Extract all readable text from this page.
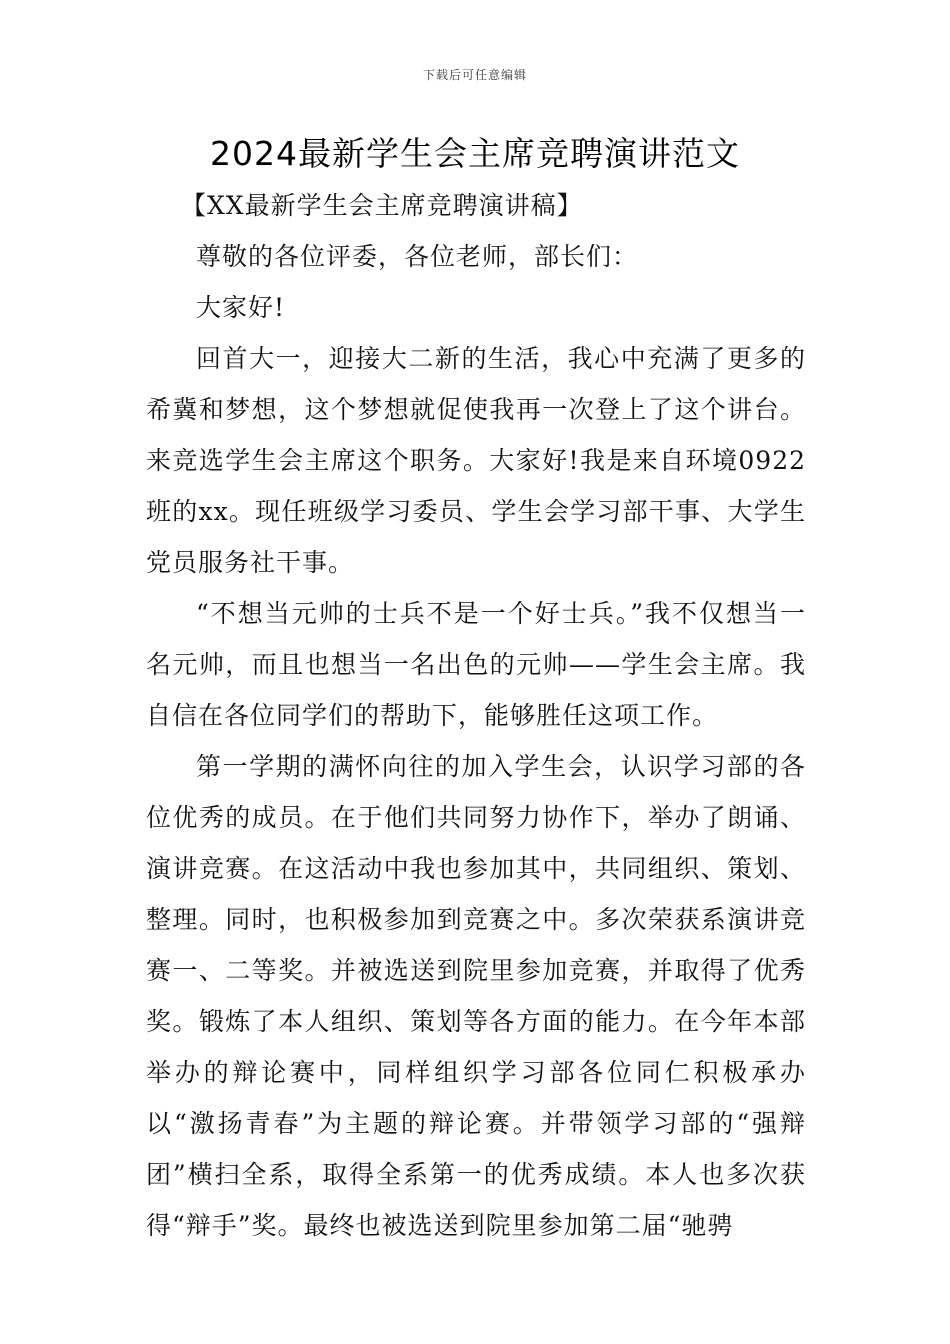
下载后可任意编辑
2024最新学生会主席竞聘演讲范文

【XX最新学生会主席竞聘演讲稿】

尊敬的各位评委，各位老师，部长们：

大家好!

回首大一，迎接大二新的生活，我心中充满了更多的希冀和梦想，这个梦想就促使我再一次登上了这个讲台。来竞选学生会主席这个职务。大家好!我是来自环境0922班的xx。现任班级学习委员、学生会学习部干事、大学生党员服务社干事。

“不想当元帅的士兵不是一个好士兵。”我不仅想当一名元帅，而且也想当一名出色的元帅——学生会主席。我自信在各位同学们的帮助下，能够胜任这项工作。

第一学期的满怀向往的加入学生会，认识学习部的各位优秀的成员。在于他们共同努力协作下，举办了朗诵、演讲竞赛。在这活动中我也参加其中，共同组织、策划、整理。同时，也积极参加到竞赛之中。多次荣获系演讲竞赛一、二等奖。并被选送到院里参加竞赛，并取得了优秀奖。锻炼了本人组织、策划等各方面的能力。在今年本部举办的辩论赛中，同样组织学习部各位同仁积极承办以“激扬青春”为主题的辩论赛。并带领学习部的“强辩团”横扫全系，取得全系第一的优秀成绩。本人也多次获得“辩手”奖。最终也被选送到院里参加第二届“驰骋
